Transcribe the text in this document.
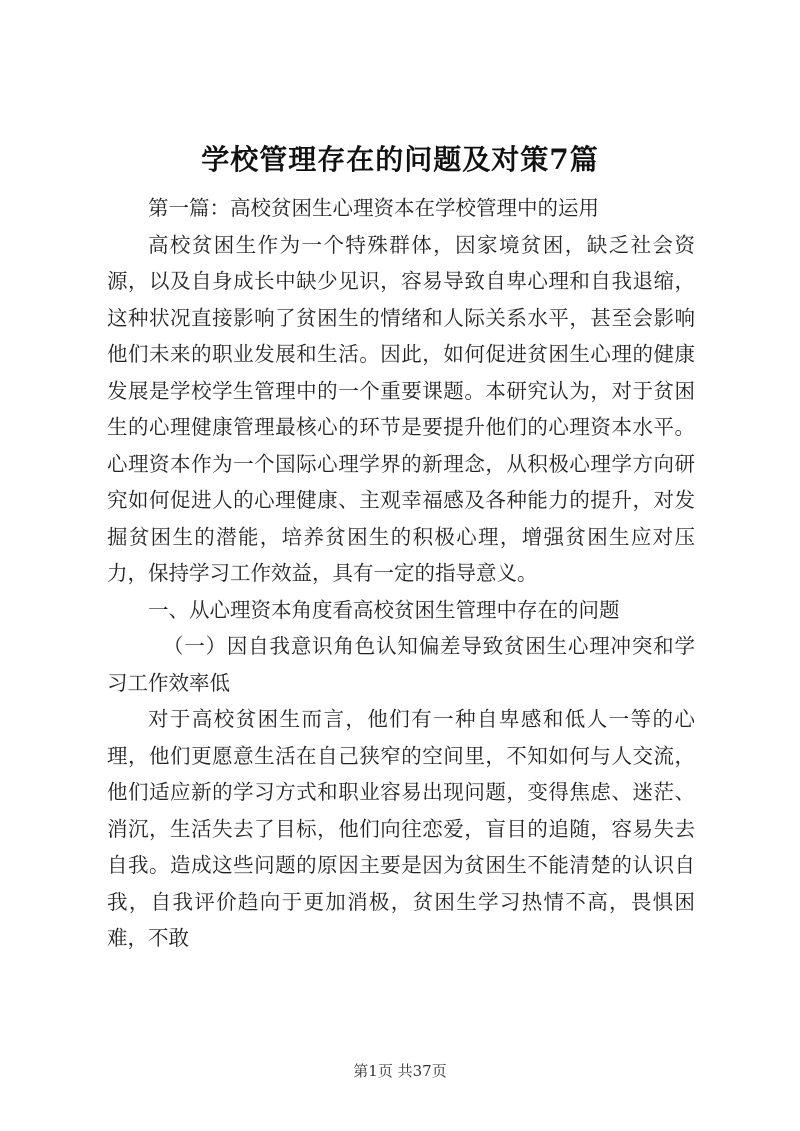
学校管理存在的问题及对策7篇

第一篇：高校贫困生心理资本在学校管理中的运用

高校贫困生作为一个特殊群体，因家境贫困，缺乏社会资源，以及自身成长中缺少见识，容易导致自卑心理和自我退缩，这种状况直接影响了贫困生的情绪和人际关系水平，甚至会影响他们未来的职业发展和生活。因此，如何促进贫困生心理的健康发展是学校学生管理中的一个重要课题。本研究认为，对于贫困生的心理健康管理最核心的环节是要提升他们的心理资本水平。心理资本作为一个国际心理学界的新理念，从积极心理学方向研究如何促进人的心理健康、主观幸福感及各种能力的提升，对发掘贫困生的潜能，培养贫困生的积极心理，增强贫困生应对压力，保持学习工作效益，具有一定的指导意义。

一、从心理资本角度看高校贫困生管理中存在的问题

（一）因自我意识角色认知偏差导致贫困生心理冲突和学习工作效率低

对于高校贫困生而言，他们有一种自卑感和低人一等的心理，他们更愿意生活在自己狭窄的空间里，不知如何与人交流，他们适应新的学习方式和职业容易出现问题，变得焦虑、迷茫、消沉，生活失去了目标，他们向往恋爱，盲目的追随，容易失去自我。造成这些问题的原因主要是因为贫困生不能清楚的认识自我，自我评价趋向于更加消极，贫困生学习热情不高，畏惧困难，不敢

第1页 共37页
